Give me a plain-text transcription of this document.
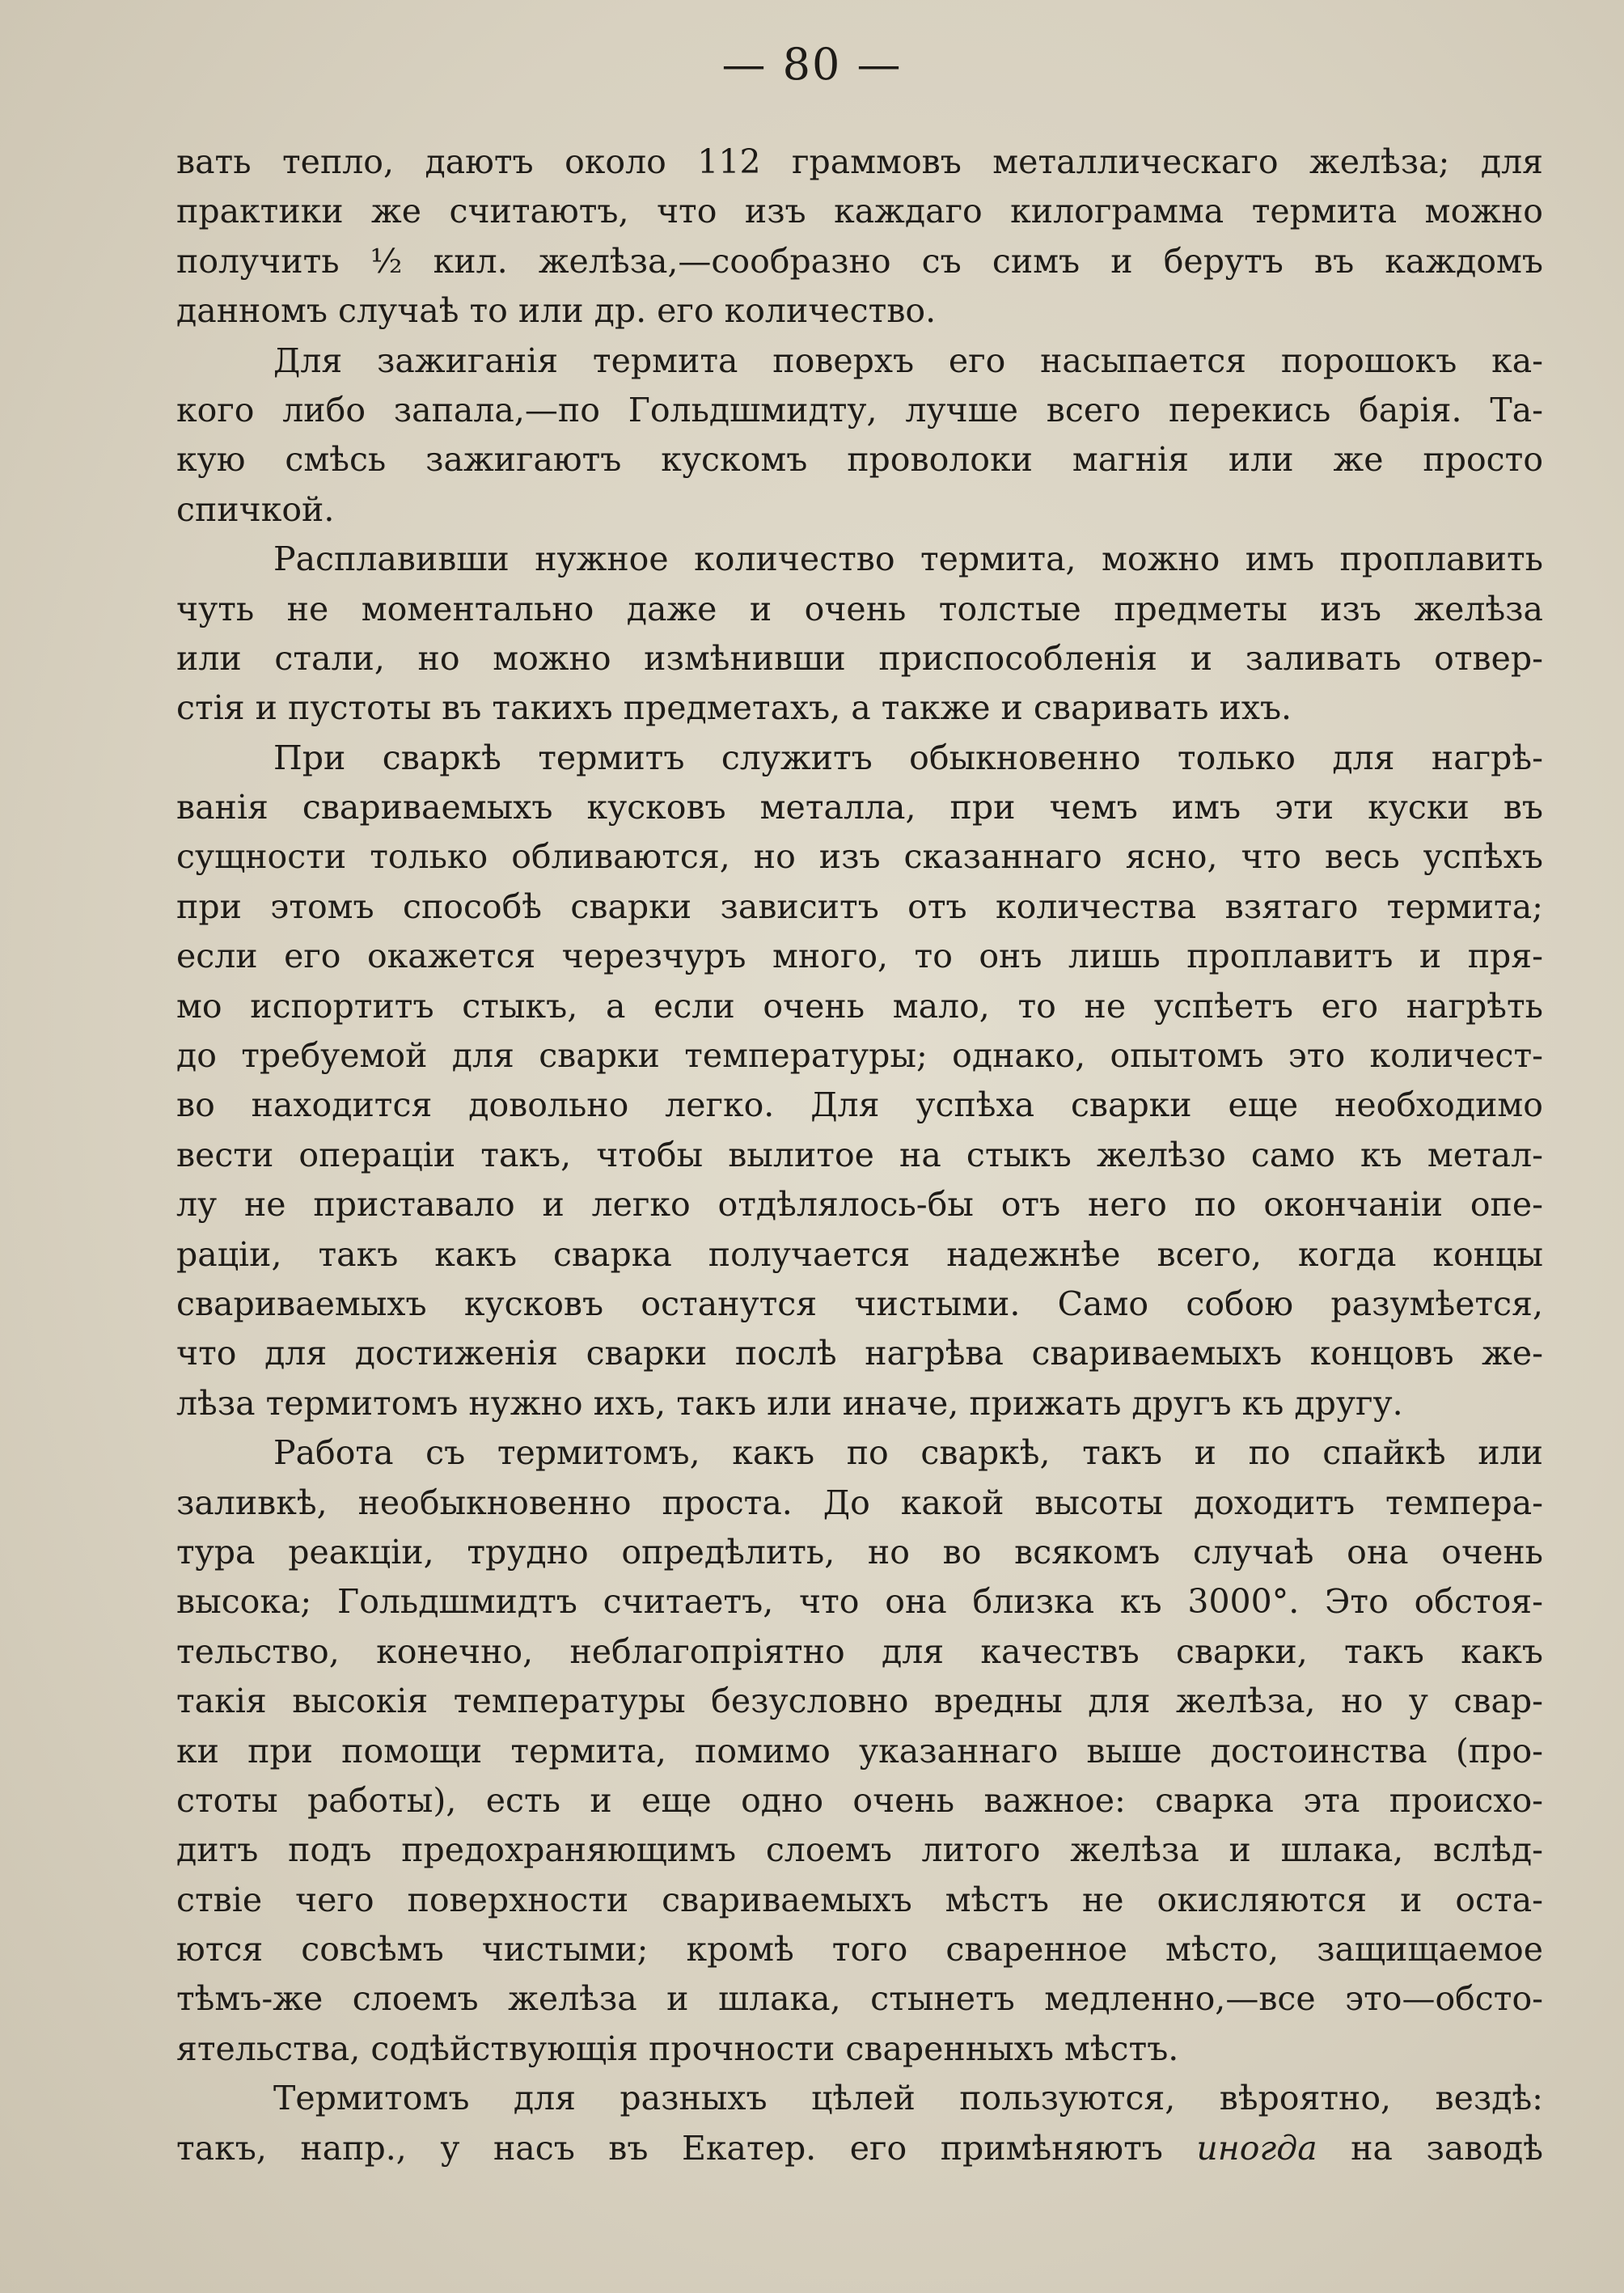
— 80 —
вать тепло, даютъ около 112 граммовъ металлическаго желѣза; для
практики же считаютъ, что изъ каждаго килограмма термита можно
получить ½ кил. желѣза,—сообразно съ симъ и берутъ въ каждомъ
данномъ случаѣ то или др. его количество.
Для зажиганія термита поверхъ его насыпается порошокъ ка-
кого либо запала,—по Гольдшмидту, лучше всего перекись барія. Та-
кую смѣсь зажигаютъ кускомъ проволоки магнія или же просто
спичкой.
Расплавивши нужное количество термита, можно имъ проплавить
чуть не моментально даже и очень толстые предметы изъ желѣза
или стали, но можно измѣнивши приспособленія и заливать отвер-
стія и пустоты въ такихъ предметахъ, а также и сваривать ихъ.
При сваркѣ термитъ служитъ обыкновенно только для нагрѣ-
ванія свариваемыхъ кусковъ металла, при чемъ имъ эти куски въ
сущности только обливаются, но изъ сказаннаго ясно, что весь успѣхъ
при этомъ способѣ сварки зависитъ отъ количества взятаго термита;
если его окажется черезчуръ много, то онъ лишь проплавитъ и пря-
мо испортитъ стыкъ, а если очень мало, то не успѣетъ его нагрѣть
до требуемой для сварки температуры; однако, опытомъ это количест-
во находится довольно легко. Для успѣха сварки еще необходимо
вести операціи такъ, чтобы вылитое на стыкъ желѣзо само къ метал-
лу не приставало и легко отдѣлялось-бы отъ него по окончаніи опе-
раціи, такъ какъ сварка получается надежнѣе всего, когда концы
свариваемыхъ кусковъ останутся чистыми. Само собою разумѣется,
что для достиженія сварки послѣ нагрѣва свариваемыхъ концовъ же-
лѣза термитомъ нужно ихъ, такъ или иначе, прижать другъ къ другу.
Работа съ термитомъ, какъ по сваркѣ, такъ и по спайкѣ или
заливкѣ, необыкновенно проста. До какой высоты доходитъ темпера-
тура реакціи, трудно опредѣлить, но во всякомъ случаѣ она очень
высока; Гольдшмидтъ считаетъ, что она близка къ 3000°. Это обстоя-
тельство, конечно, неблагопріятно для качествъ сварки, такъ какъ
такія высокія температуры безусловно вредны для желѣза, но у свар-
ки при помощи термита, помимо указаннаго выше достоинства (про-
стоты работы), есть и еще одно очень важное: сварка эта происхо-
дитъ подъ предохраняющимъ слоемъ литого желѣза и шлака, вслѣд-
ствіе чего поверхности свариваемыхъ мѣстъ не окисляются и оста-
ются совсѣмъ чистыми; кромѣ того сваренное мѣсто, защищаемое
тѣмъ-же слоемъ желѣза и шлака, стынетъ медленно,—все это—обсто-
ятельства, содѣйствующія прочности сваренныхъ мѣстъ.
Термитомъ для разныхъ цѣлей пользуются, вѣроятно, вездѣ:
такъ, напр., у насъ въ Екатер. его примѣняютъ иногда на заводѣ
